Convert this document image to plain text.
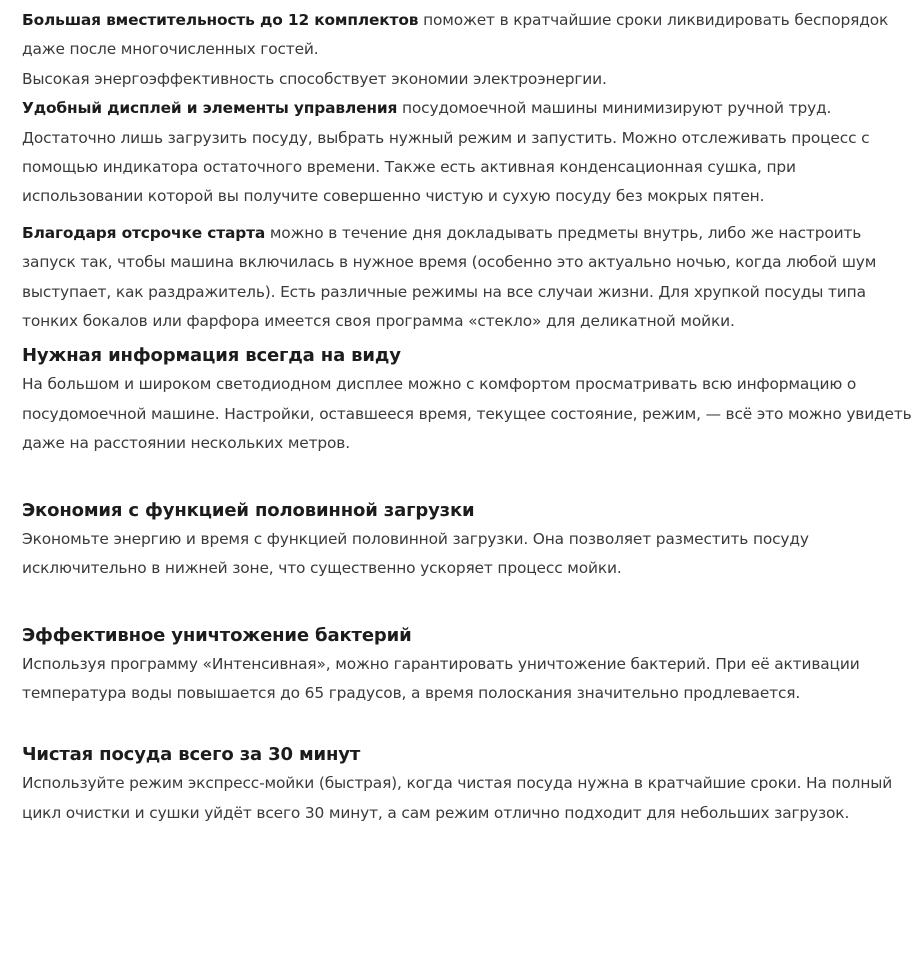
Большая вместительность до 12 комплектов поможет в кратчайшие сроки ликвидировать беспорядок даже после многочисленных гостей.

Высокая энергоэффективность способствует экономии электроэнергии.

Удобный дисплей и элементы управления посудомоечной машины минимизируют ручной труд. Достаточно лишь загрузить посуду, выбрать нужный режим и запустить. Можно отслеживать процесс с помощью индикатора остаточного времени. Также есть активная конденсационная сушка, при использовании которой вы получите совершенно чистую и сухую посуду без мокрых пятен.

Благодаря отсрочке старта можно в течение дня докладывать предметы внутрь, либо же настроить запуск так, чтобы машина включилась в нужное время (особенно это актуально ночью, когда любой шум выступает, как раздражитель). Есть различные режимы на все случаи жизни. Для хрупкой посуды типа тонких бокалов или фарфора имеется своя программа «стекло» для деликатной мойки.

Нужная информация всегда на виду

На большом и широком светодиодном дисплее можно с комфортом просматривать всю информацию о посудомоечной машине. Настройки, оставшееся время, текущее состояние, режим, — всё это можно увидеть даже на расстоянии нескольких метров.

Экономия с функцией половинной загрузки

Экономьте энергию и время с функцией половинной загрузки. Она позволяет разместить посуду исключительно в нижней зоне, что существенно ускоряет процесс мойки.

Эффективное уничтожение бактерий

Используя программу «Интенсивная», можно гарантировать уничтожение бактерий. При её активации температура воды повышается до 65 градусов, а время полоскания значительно продлевается.

Чистая посуда всего за 30 минут

Используйте режим экспресс-мойки (быстрая), когда чистая посуда нужна в кратчайшие сроки. На полный цикл очистки и сушки уйдёт всего 30 минут, а сам режим отлично подходит для небольших загрузок.
